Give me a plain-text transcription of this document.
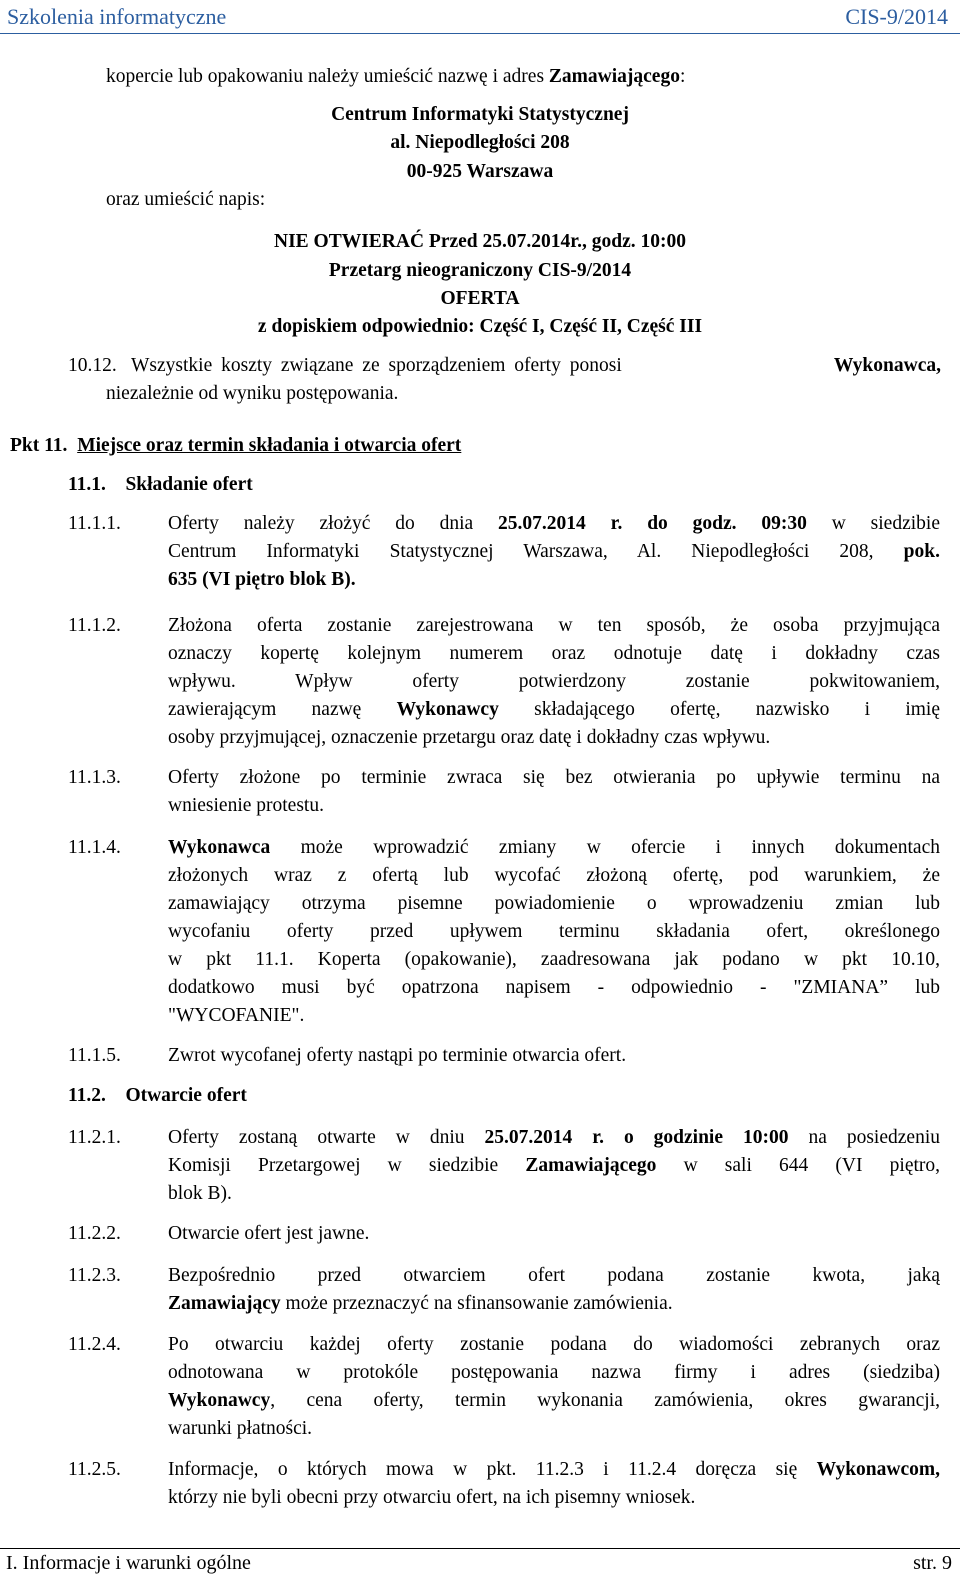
Szkolenia informatyczne	CIS-9/2014
kopercie lub opakowaniu należy umieścić nazwę i adres Zamawiającego:
Centrum Informatyki Statystycznej
al. Niepodległości 208
00-925 Warszawa
oraz umieścić napis:
NIE OTWIERAĆ Przed 25.07.2014r., godz. 10:00
Przetarg nieograniczony CIS-9/2014
OFERTA
z dopiskiem odpowiednio: Część I, Część II, Część III
10.12. Wszystkie koszty związane ze sporządzeniem oferty ponosi	Wykonawca,
niezależnie od wyniku postępowania.
Pkt 11. Miejsce oraz termin składania i otwarcia ofert
11.1. Składanie ofert
11.1.1. Oferty należy złożyć do dnia 25.07.2014 r. do godz. 09:30 w siedzibie
Centrum Informatyki Statystycznej Warszawa, Al. Niepodległości 208, pok.
635 (VI piętro blok B).
11.1.2. Złożona oferta zostanie zarejestrowana w ten sposób, że osoba przyjmująca
oznaczy kopertę kolejnym numerem oraz odnotuje datę i dokładny czas
wpływu. Wpływ oferty potwierdzony zostanie pokwitowaniem,
zawierającym nazwę Wykonawcy składającego ofertę, nazwisko i imię
osoby przyjmującej, oznaczenie przetargu oraz datę i dokładny czas wpływu.
11.1.3. Oferty złożone po terminie zwraca się bez otwierania po upływie terminu na
wniesienie protestu.
11.1.4. Wykonawca może wprowadzić zmiany w ofercie i innych dokumentach
złożonych wraz z ofertą lub wycofać złożoną ofertę, pod warunkiem, że
zamawiający otrzyma pisemne powiadomienie o wprowadzeniu zmian lub
wycofaniu oferty przed upływem terminu składania ofert, określonego
w pkt 11.1. Koperta (opakowanie), zaadresowana jak podano w pkt 10.10,
dodatkowo musi być opatrzona napisem - odpowiednio - "ZMIANA” lub
"WYCOFANIE".
11.1.5. Zwrot wycofanej oferty nastąpi po terminie otwarcia ofert.
11.2. Otwarcie ofert
11.2.1. Oferty zostaną otwarte w dniu 25.07.2014 r. o godzinie 10:00 na posiedzeniu
Komisji Przetargowej w siedzibie Zamawiającego w sali 644 (VI piętro,
blok B).
11.2.2. Otwarcie ofert jest jawne.
11.2.3. Bezpośrednio przed otwarciem ofert podana zostanie kwota, jaką
Zamawiający może przeznaczyć na sfinansowanie zamówienia.
11.2.4. Po otwarciu każdej oferty zostanie podana do wiadomości zebranych oraz
odnotowana w protokóle postępowania nazwa firmy i adres (siedziba)
Wykonawcy, cena oferty, termin wykonania zamówienia, okres gwarancji,
warunki płatności.
11.2.5. Informacje, o których mowa w pkt. 11.2.3 i 11.2.4 doręcza się Wykonawcom,
którzy nie byli obecni przy otwarciu ofert, na ich pisemny wniosek.
I. Informacje i warunki ogólne	str. 9
